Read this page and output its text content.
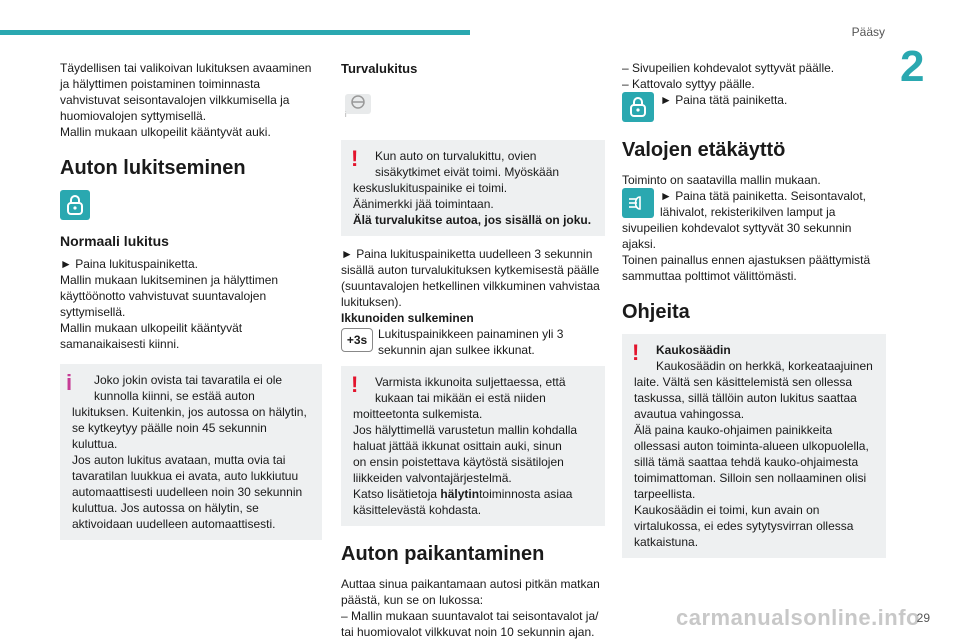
Pääsy
2

Täydellisen tai valikoivan lukituksen avaaminen

ja hälyttimen poistaminen toiminnasta

vahvistuvat seisontavalojen vilkkumisella ja

huomiovalojen syttymisellä.

Mallin mukaan ulkopeilit kääntyvät auki.

Auton lukitseminen
Normaali lukitus

► Paina lukituspainiketta.

Mallin mukaan lukitseminen ja hälyttimen

käyttöönotto vahvistuvat suuntavalojen

syttymisellä.

Mallin mukaan ulkopeilit kääntyvät

samanaikaisesti kiinni.

i	Joko jokin ovista tai tavaratila ei ole

kunnolla kiinni, se estää auton

lukituksen. Kuitenkin, jos autossa on hälytin,

se kytkeytyy päälle noin 45 sekunnin kuluttua.

Jos auton lukitus avataan, mutta ovia tai

tavaratilan luukkua ei avata, auto lukkiutuu

automaattisesti uudelleen noin 30 sekunnin

kuluttua. Jos autossa on hälytin, se

aktivoidaan uudelleen automaattisesti.

Turvalukitus
i
!	Kun auto on turvalukittu, ovien

sisäkytkimet eivät toimi. Myöskään

keskuslukituspainike ei toimi.

Äänimerkki jää toimintaan.

Älä turvalukitse autoa, jos sisällä on joku.

► Paina lukituspainiketta uudelleen 3 sekunnin

sisällä auton turvalukituksen kytkemisestä päälle

(suuntavalojen hetkellinen vilkkuminen vahvistaa

lukituksen).

Ikkunoiden sulkeminen

+3s Lukituspainikkeen painaminen yli 3

sekunnin ajan sulkee ikkunat.

!	Varmista ikkunoita suljettaessa, että

kukaan tai mikään ei estä niiden

moitteetonta sulkemista.

Jos hälyttimellä varustetun mallin kohdalla

haluat jättää ikkunat osittain auki, sinun

on ensin poistettava käytöstä sisätilojen

liikkeiden valvontajärjestelmä.

Katso lisätietoja hälytintoiminnosta asiaa

käsittelevästä kohdasta.

Auton paikantaminen

Auttaa sinua paikantamaan autosi pitkän matkan

päästä, kun se on lukossa:

– Mallin mukaan suuntavalot tai seisontavalot ja/

tai huomiovalot vilkkuvat noin 10 sekunnin ajan.

– Sivupeilien kohdevalot syttyvät päälle.

– Kattovalo syttyy päälle.

► Paina tätä painiketta.

Valojen etäkäyttö

Toiminto on saatavilla mallin mukaan.

► Paina tätä painiketta. Seisontavalot,

lähivalot, rekisterikilven lamput ja

sivupeilien kohdevalot syttyvät 30 sekunnin

ajaksi.

Toinen painallus ennen ajastuksen päättymistä

sammuttaa polttimot välittömästi.

Ohjeita
!	Kaukosäädin

Kaukosäädin on herkkä, korkeataajuinen

laite. Vältä sen käsittelemistä sen ollessa

taskussa, sillä tällöin auton lukitus saattaa

avautua vahingossa.

Älä paina kauko-ohjaimen painikkeita

ollessasi auton toiminta-alueen ulkopuolella,

sillä tämä saattaa tehdä kauko-ohjaimesta

toimimattoman. Silloin sen nollaaminen olisi

tarpeellista.

Kaukosäädin ei toimi, kun avain on

virtalukossa, ei edes sytytysvirran ollessa

katkaistuna.

carmanualsonline.info
29
